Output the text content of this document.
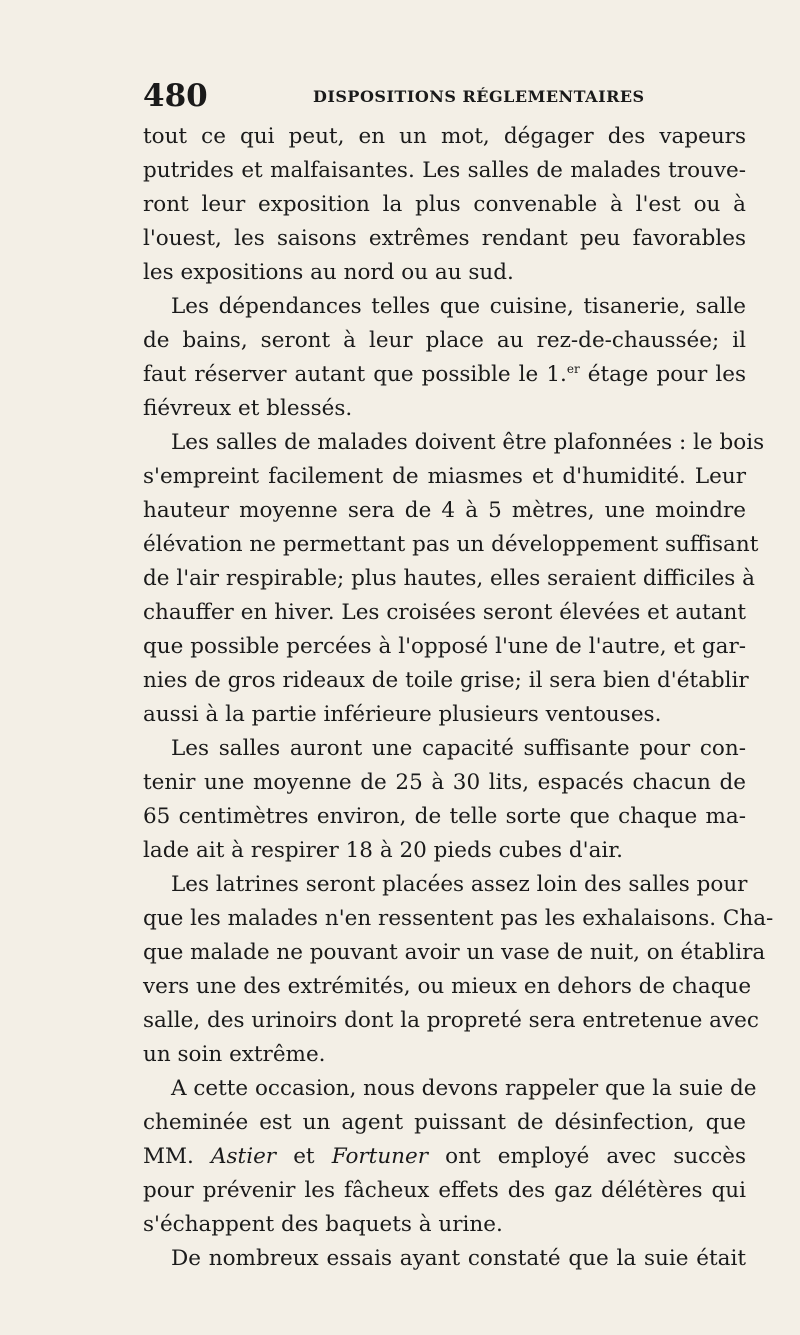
480	DISPOSITIONS RÉGLEMENTAIRES
tout ce qui peut, en un mot, dégager des vapeurs
putrides et malfaisantes. Les salles de malades trouve-
ront leur exposition la plus convenable à l'est ou à
l'ouest, les saisons extrêmes rendant peu favorables
les expositions au nord ou au sud.
Les dépendances telles que cuisine, tisanerie, salle
de bains, seront à leur place au rez-de-chaussée; il
faut réserver autant que possible le 1.$^{er}$ étage pour les
fiévreux et blessés.
Les salles de malades doivent être plafonnées : le bois
s'empreint facilement de miasmes et d'humidité. Leur
hauteur moyenne sera de 4 à 5 mètres, une moindre
élévation ne permettant pas un développement suffisant
de l'air respirable; plus hautes, elles seraient difficiles à
chauffer en hiver. Les croisées seront élevées et autant
que possible percées à l'opposé l'une de l'autre, et gar-
nies de gros rideaux de toile grise; il sera bien d'établir
aussi à la partie inférieure plusieurs ventouses.
Les salles auront une capacité suffisante pour con-
tenir une moyenne de 25 à 30 lits, espacés chacun de
65 centimètres environ, de telle sorte que chaque ma-
lade ait à respirer 18 à 20 pieds cubes d'air.
Les latrines seront placées assez loin des salles pour
que les malades n'en ressentent pas les exhalaisons. Cha-
que malade ne pouvant avoir un vase de nuit, on établira
vers une des extrémités, ou mieux en dehors de chaque
salle, des urinoirs dont la propreté sera entretenue avec
un soin extrême.
A cette occasion, nous devons rappeler que la suie de
cheminée est un agent puissant de désinfection, que
MM. Astier et Fortuner ont employé avec succès
pour prévenir les fâcheux effets des gaz délétères qui
s'échappent des baquets à urine.
De nombreux essais ayant constaté que la suie était
